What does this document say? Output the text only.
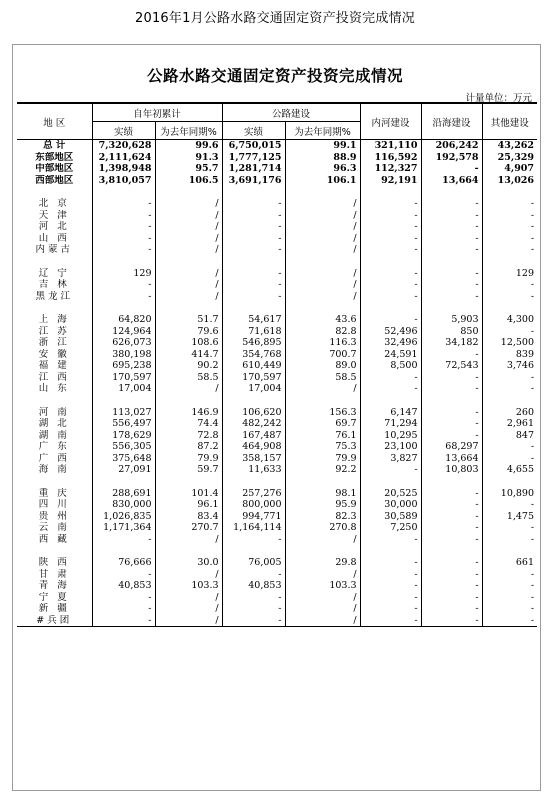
2016年1月公路水路交通固定资产投资完成情况
公路水路交通固定资产投资完成情况
计量单位：万元
地 区	自年初累计		公路建设		内河建设	沿海建设	其他建设
	实绩	为去年同期%	实绩	为去年同期%			
总 计	7,320,628	99.6	6,750,015	99.1	321,110	206,242	43,262
东部地区	2,111,624	91.3	1,777,125	88.9	116,592	192,578	25,329
中部地区	1,398,948	95.7	1,281,714	96.3	112,327	-	4,907
西部地区	3,810,057	106.5	3,691,176	106.1	92,191	13,664	13,026

北 京	-	/	-	/	-	-	-
天 津	-	/	-	/	-	-	-
河 北	-	/	-	/	-	-	-
山 西	-	/	-	/	-	-	-
内蒙古	-	/	-	/	-	-	-

辽 宁	129	/	-	/	-	-	129
吉 林	-	/	-	/	-	-	-
黑龙江	-	/	-	/	-	-	-

上 海	64,820	51.7	54,617	43.6	-	5,903	4,300
江 苏	124,964	79.6	71,618	82.8	52,496	850	-
浙 江	626,073	108.6	546,895	116.3	32,496	34,182	12,500
安 徽	380,198	414.7	354,768	700.7	24,591	-	839
福 建	695,238	90.2	610,449	89.0	8,500	72,543	3,746
江 西	170,597	58.5	170,597	58.5	-	-	-
山 东	17,004	/	17,004	/	-	-	-

河 南	113,027	146.9	106,620	156.3	6,147	-	260
湖 北	556,497	74.4	482,242	69.7	71,294	-	2,961
湖 南	178,629	72.8	167,487	76.1	10,295	-	847
广 东	556,305	87.2	464,908	75.3	23,100	68,297	-
广 西	375,648	79.9	358,157	79.9	3,827	13,664	-
海 南	27,091	59.7	11,633	92.2	-	10,803	4,655

重 庆	288,691	101.4	257,276	98.1	20,525	-	10,890
四 川	830,000	96.1	800,000	95.9	30,000	-	-
贵 州	1,026,835	83.4	994,771	82.3	30,589	-	1,475
云 南	1,171,364	270.7	1,164,114	270.8	7,250	-	-
西 藏	-	/	-	/	-	-	-

陕 西	76,666	30.0	76,005	29.8	-	-	661
甘 肃	-	/	-	/	-	-	-
青 海	40,853	103.3	40,853	103.3	-	-	-
宁 夏	-	/	-	/	-	-	-
新 疆	-	/	-	/	-	-	-
#兵团	-	/	-	/	-	-	-
